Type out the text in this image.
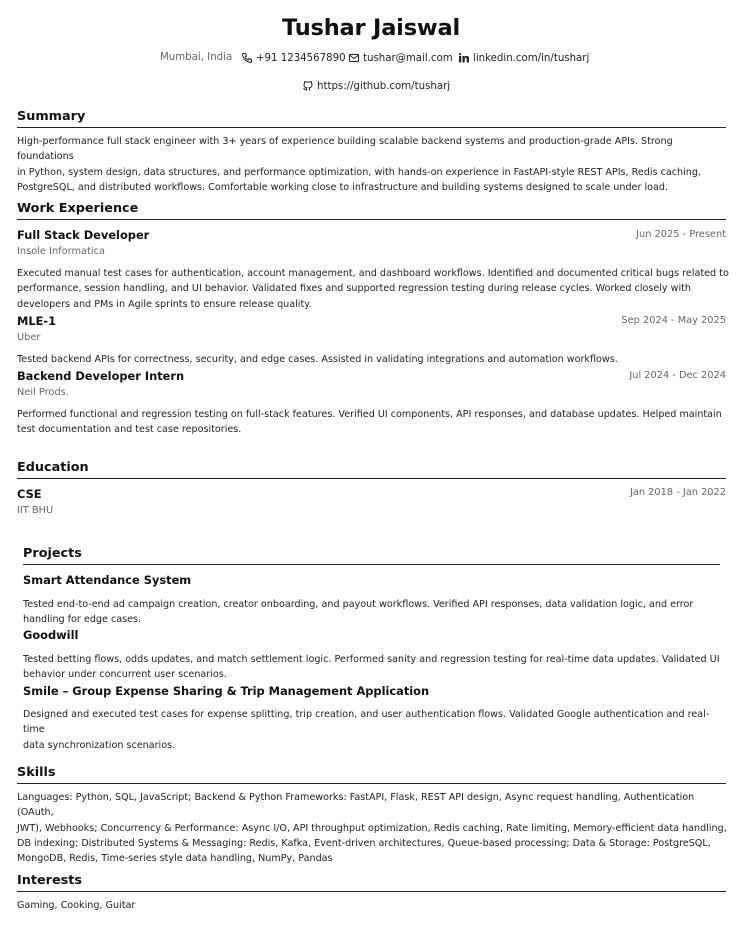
Tushar Jaiswal
Mumbai, India +91 1234567890 tushar@mail.com linkedin.com/in/tusharj
https://github.com/tusharj
Summary
High-performance full stack engineer with 3+ years of experience building scalable backend systems and production-grade APIs. Strong foundations
in Python, system design, data structures, and performance optimization, with hands-on experience in FastAPI-style REST APIs, Redis caching,
PostgreSQL, and distributed workflows. Comfortable working close to infrastructure and building systems designed to scale under load.
Work Experience
Full Stack Developer	Jun 2025 - Present
Insole Informatica
Executed manual test cases for authentication, account management, and dashboard workflows. Identified and documented critical bugs related to
performance, session handling, and UI behavior. Validated fixes and supported regression testing during release cycles. Worked closely with
developers and PMs in Agile sprints to ensure release quality.
MLE-1	Sep 2024 - May 2025
Uber
Tested backend APIs for correctness, security, and edge cases. Assisted in validating integrations and automation workflows.
Backend Developer Intern	Jul 2024 - Dec 2024
Neil Prods.
Performed functional and regression testing on full-stack features. Verified UI components, API responses, and database updates. Helped maintain
test documentation and test case repositories.
Education
CSE	Jan 2018 - Jan 2022
IIT BHU
Projects
Smart Attendance System
Tested end-to-end ad campaign creation, creator onboarding, and payout workflows. Verified API responses, data validation logic, and error
handling for edge cases.
Goodwill
Tested betting flows, odds updates, and match settlement logic. Performed sanity and regression testing for real-time data updates. Validated UI
behavior under concurrent user scenarios.
Smile – Group Expense Sharing & Trip Management Application
Designed and executed test cases for expense splitting, trip creation, and user authentication flows. Validated Google authentication and real-time
data synchronization scenarios.
Skills
Languages: Python, SQL, JavaScript; Backend & Python Frameworks: FastAPI, Flask, REST API design, Async request handling, Authentication (OAuth,
JWT), Webhooks; Concurrency & Performance: Async I/O, API throughput optimization, Redis caching, Rate limiting, Memory-efficient data handling,
DB indexing; Distributed Systems & Messaging: Redis, Kafka, Event-driven architectures, Queue-based processing; Data & Storage: PostgreSQL,
MongoDB, Redis, Time-series style data handling, NumPy, Pandas
Interests
Gaming, Cooking, Guitar
